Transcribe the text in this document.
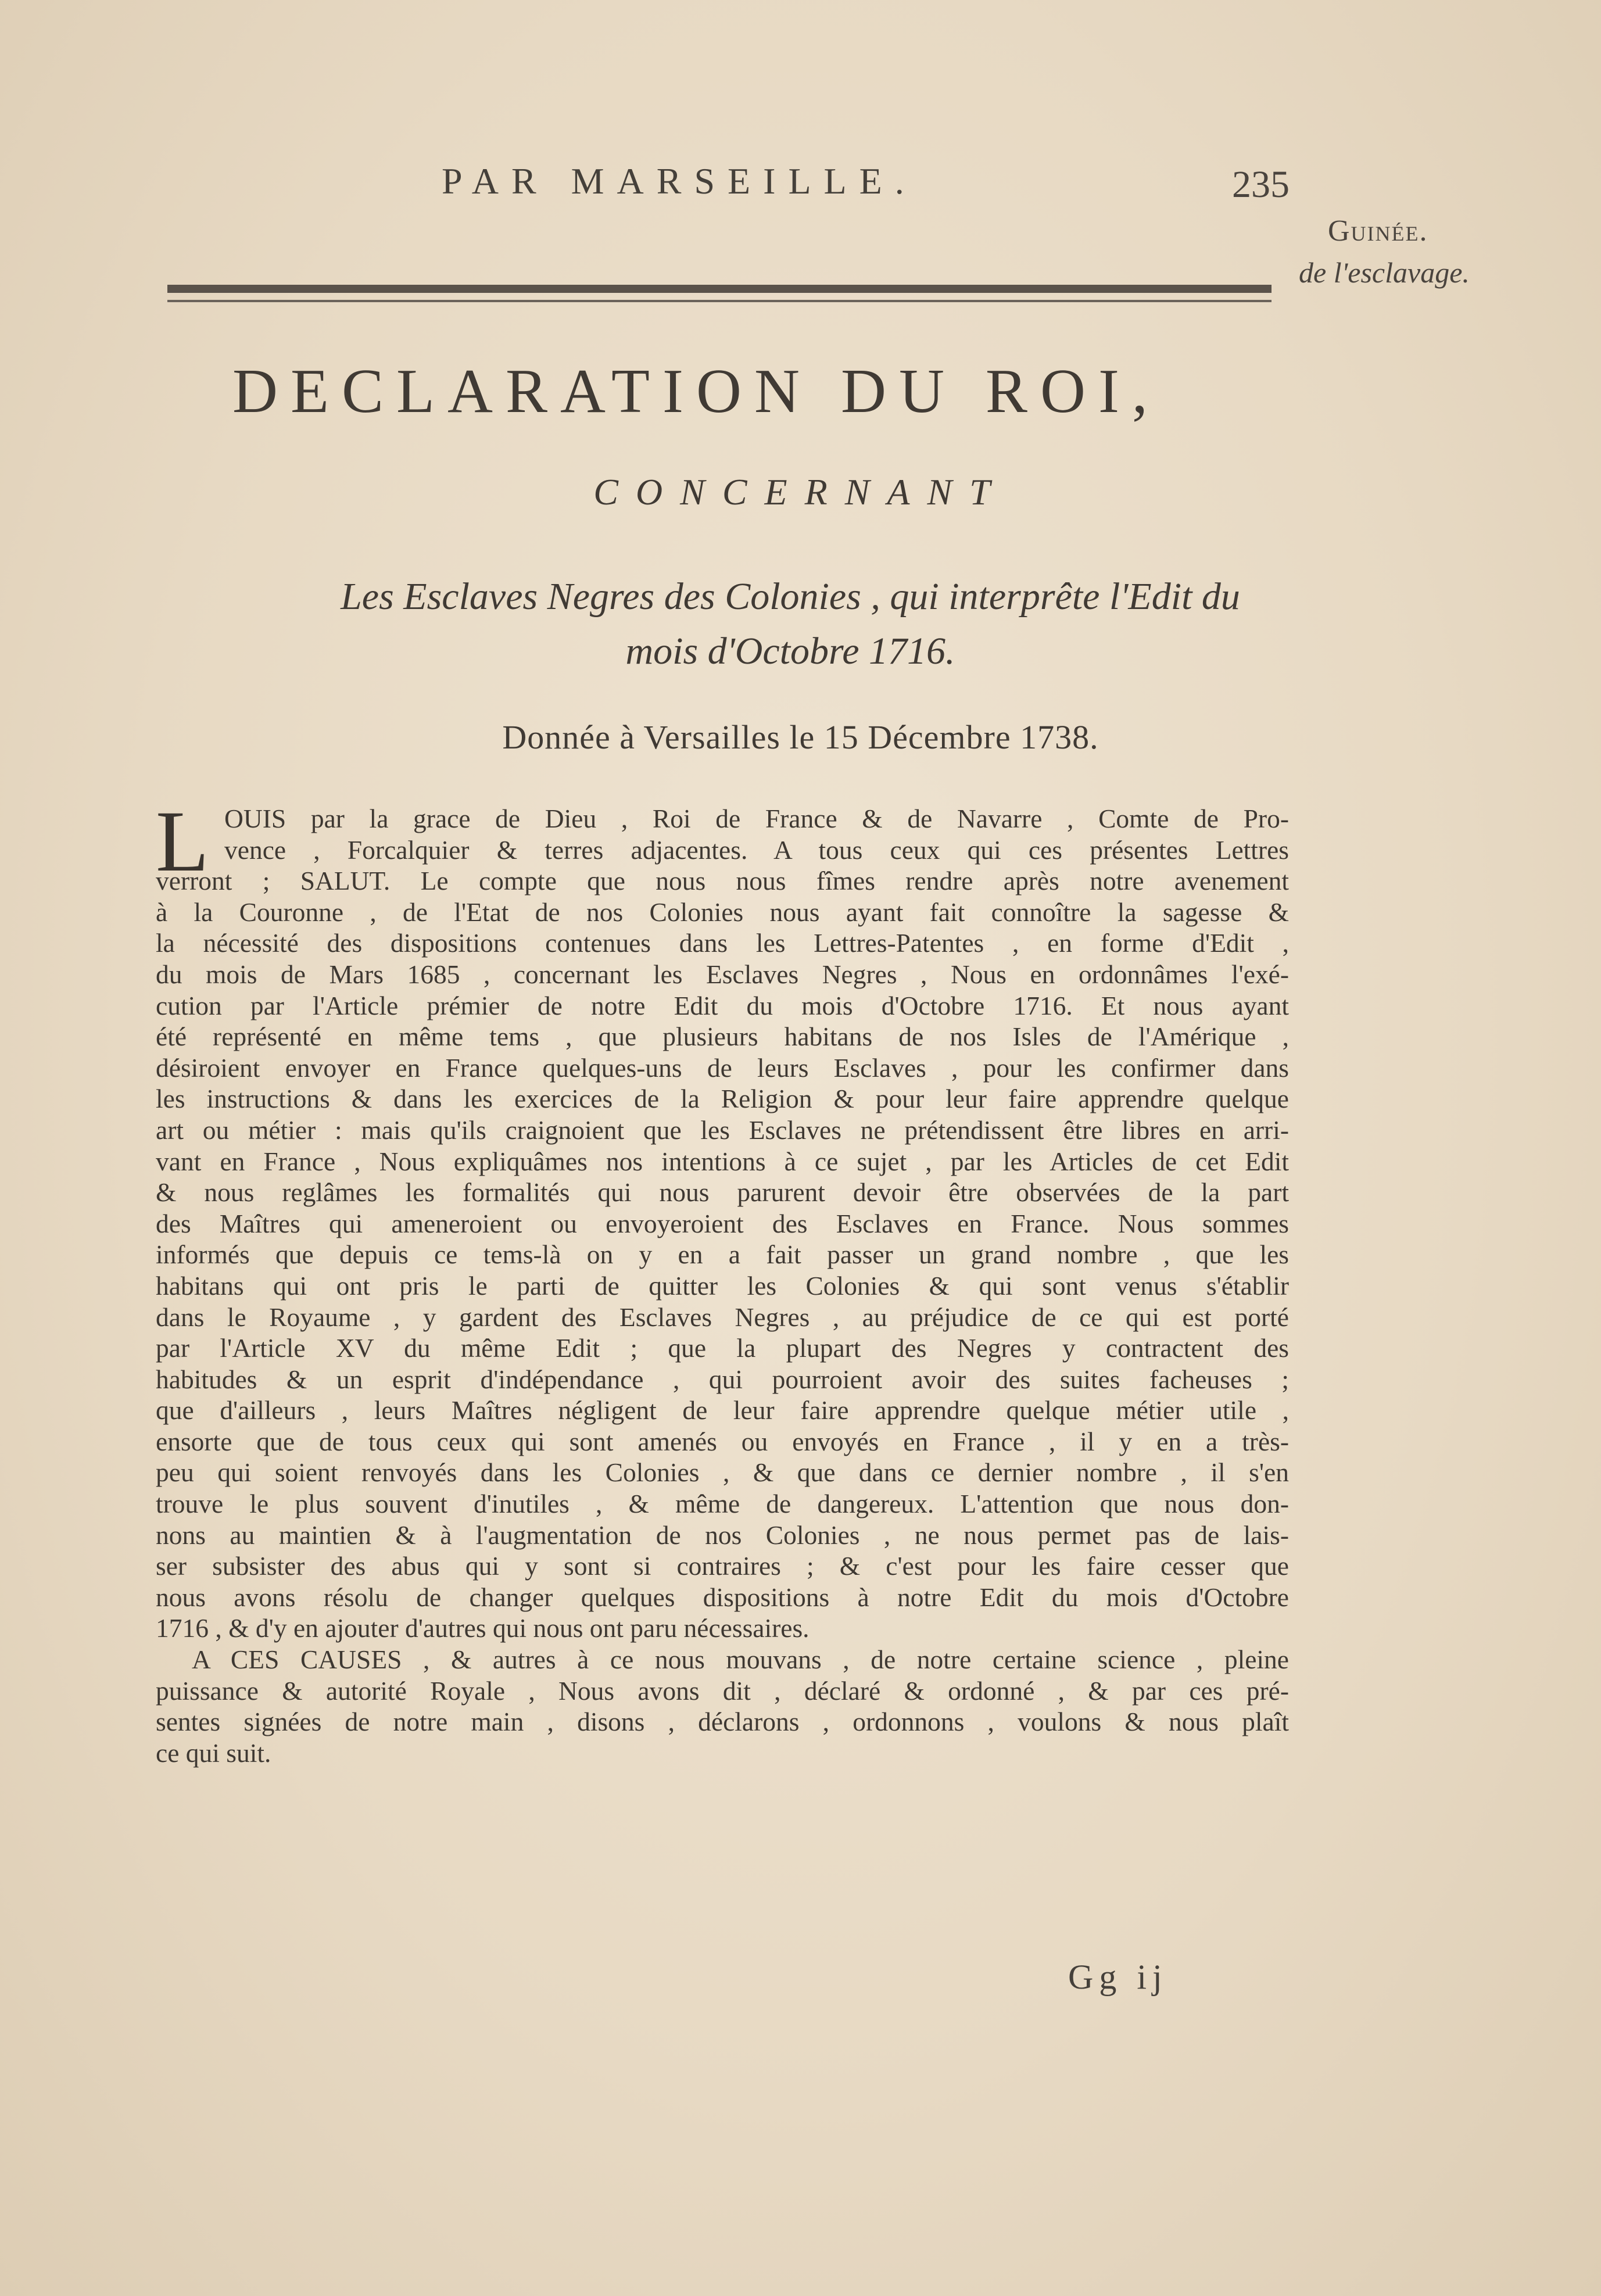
PAR MARSEILLE.	235
Guinée.
de l'esclavage.
DECLARATION DU ROI,
CONCERNANT
Les Esclaves Negres des Colonies , qui interprête l'Edit du
mois d'Octobre 1716.
Donnée à Versailles le 15 Décembre 1738.
L OUIS par la grace de Dieu , Roi de France & de Navarre , Comte de Pro-
vence , Forcalquier & terres adjacentes. A tous ceux qui ces présentes Lettres
verront ; SALUT. Le compte que nous nous fîmes rendre après notre avenement
à la Couronne , de l'Etat de nos Colonies nous ayant fait connoître la sagesse &
la nécessité des dispositions contenues dans les Lettres-Patentes , en forme d'Edit ,
du mois de Mars 1685 , concernant les Esclaves Negres , Nous en ordonnâmes l'exé-
cution par l'Article prémier de notre Edit du mois d'Octobre 1716. Et nous ayant
été représenté en même tems , que plusieurs habitans de nos Isles de l'Amérique ,
désiroient envoyer en France quelques-uns de leurs Esclaves , pour les confirmer dans
les instructions & dans les exercices de la Religion & pour leur faire apprendre quelque
art ou métier : mais qu'ils craignoient que les Esclaves ne prétendissent être libres en arri-
vant en France , Nous expliquâmes nos intentions à ce sujet , par les Articles de cet Edit
& nous reglâmes les formalités qui nous parurent devoir être observées de la part
des Maîtres qui ameneroient ou envoyeroient des Esclaves en France. Nous sommes
informés que depuis ce tems-là on y en a fait passer un grand nombre , que les
habitans qui ont pris le parti de quitter les Colonies & qui sont venus s'établir
dans le Royaume , y gardent des Esclaves Negres , au préjudice de ce qui est porté
par l'Article XV du même Edit ; que la plupart des Negres y contractent des
habitudes & un esprit d'indépendance , qui pourroient avoir des suites facheuses ;
que d'ailleurs , leurs Maîtres négligent de leur faire apprendre quelque métier utile ,
ensorte que de tous ceux qui sont amenés ou envoyés en France , il y en a très-
peu qui soient renvoyés dans les Colonies , & que dans ce dernier nombre , il s'en
trouve le plus souvent d'inutiles , & même de dangereux. L'attention que nous don-
nons au maintien & à l'augmentation de nos Colonies , ne nous permet pas de lais-
ser subsister des abus qui y sont si contraires ; & c'est pour les faire cesser que
nous avons résolu de changer quelques dispositions à notre Edit du mois d'Octobre
1716 , & d'y en ajouter d'autres qui nous ont paru nécessaires.
A CES CAUSES , & autres à ce nous mouvans , de notre certaine science , pleine
puissance & autorité Royale , Nous avons dit , déclaré & ordonné , & par ces pré-
sentes signées de notre main , disons , déclarons , ordonnons , voulons & nous plaît
ce qui suit.
Gg ij
